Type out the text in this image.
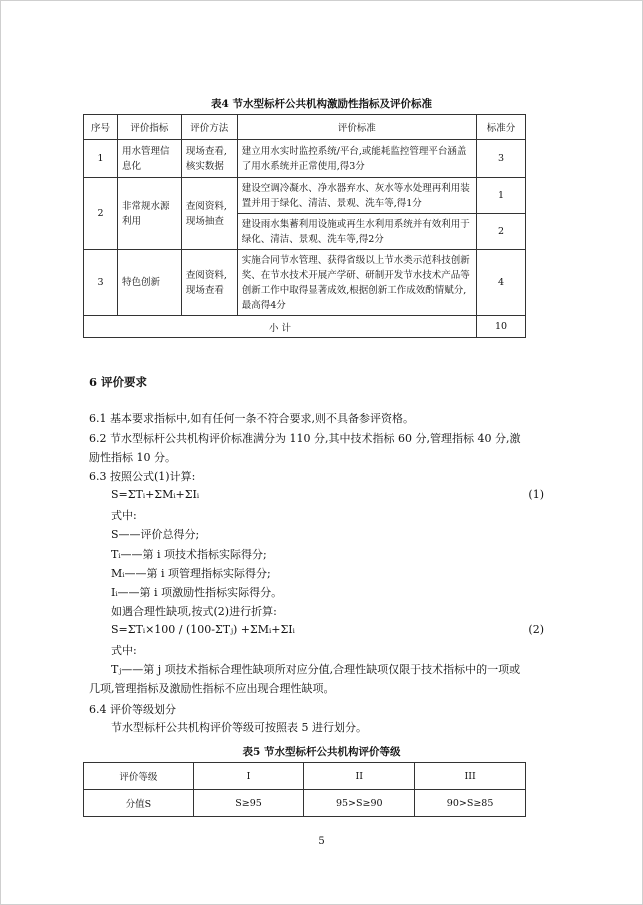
表4 节水型标杆公共机构激励性指标及评价标准
序号	评价指标	评价方法	评价标准	标准分
1	用水管理信息化	现场查看,核实数据	建立用水实时监控系统/平台,或能耗监控管理平台涵盖了用水系统并正常使用,得3分	3
2	非常规水源利用	查阅资料,现场抽查	建设空调冷凝水、净水器弃水、灰水等水处理再利用装置并用于绿化、清洁、景观、洗车等,得1分	1
			建设雨水集蓄利用设施或再生水利用系统并有效利用于绿化、清洁、景观、洗车等,得2分	2
3	特色创新	查阅资料,现场查看	实施合同节水管理、获得省级以上节水类示范科技创新奖、在节水技术开展产学研、研制开发节水技术产品等创新工作中取得显著成效,根据创新工作成效酌情赋分,最高得4分	4
小 计				10
6 评价要求
6.1 基本要求指标中,如有任何一条不符合要求,则不具备参评资格。
6.2 节水型标杆公共机构评价标准满分为 110 分,其中技术指标 60 分,管理指标 40 分,激
励性指标 10 分。
6.3 按照公式(1)计算:
S=ΣTᵢ+ΣMᵢ+ΣIᵢ	(1)
式中:
S——评价总得分;
Tᵢ——第 i 项技术指标实际得分;
Mᵢ——第 i 项管理指标实际得分;
Iᵢ——第 i 项激励性指标实际得分。
如遇合理性缺项,按式(2)进行折算:
S=ΣTᵢ×100 / (100-ΣTⱼ) +ΣMᵢ+ΣIᵢ	(2)
式中:
Tⱼ——第 j 项技术指标合理性缺项所对应分值,合理性缺项仅限于技术指标中的一项或
几项,管理指标及激励性指标不应出现合理性缺项。
6.4 评价等级划分
节水型标杆公共机构评价等级可按照表 5 进行划分。
表5 节水型标杆公共机构评价等级
评价等级	I	II	III
分值S	S≥95	95>S≥90	90>S≥85
5
